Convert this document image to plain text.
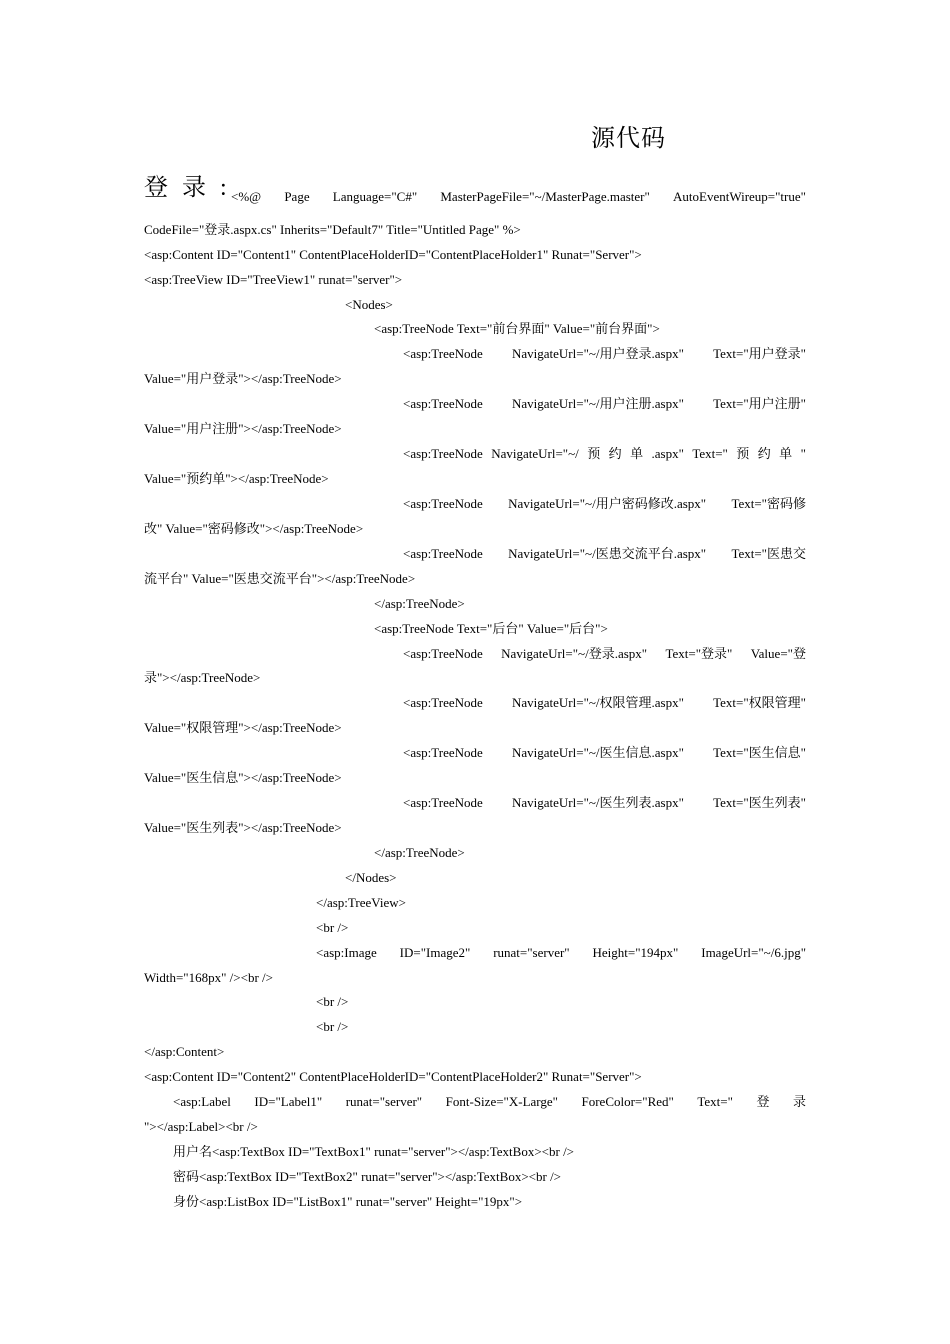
源代码
登 录 : <%@ Page Language="C#" MasterPageFile="~/MasterPage.master" AutoEventWireup="true"
CodeFile="登录.aspx.cs" Inherits="Default7" Title="Untitled Page" %>
<asp:Content ID="Content1" ContentPlaceHolderID="ContentPlaceHolder1" Runat="Server">
<asp:TreeView ID="TreeView1" runat="server">
<Nodes>
<asp:TreeNode Text="前台界面" Value="前台界面">
<asp:TreeNode NavigateUrl="~/用户登录.aspx" Text="用户登录"
Value="用户登录"></asp:TreeNode>
<asp:TreeNode NavigateUrl="~/用户注册.aspx" Text="用户注册"
Value="用户注册"></asp:TreeNode>
<asp:TreeNode NavigateUrl="~/ 预 约 单 .aspx" Text=" 预 约 单 "
Value="预约单"></asp:TreeNode>
<asp:TreeNode NavigateUrl="~/用户密码修改.aspx" Text="密码修
改" Value="密码修改"></asp:TreeNode>
<asp:TreeNode NavigateUrl="~/医患交流平台.aspx" Text="医患交
流平台" Value="医患交流平台"></asp:TreeNode>
</asp:TreeNode>
<asp:TreeNode Text="后台" Value="后台">
<asp:TreeNode NavigateUrl="~/登录.aspx" Text="登录" Value="登
录"></asp:TreeNode>
<asp:TreeNode NavigateUrl="~/权限管理.aspx" Text="权限管理"
Value="权限管理"></asp:TreeNode>
<asp:TreeNode NavigateUrl="~/医生信息.aspx" Text="医生信息"
Value="医生信息"></asp:TreeNode>
<asp:TreeNode NavigateUrl="~/医生列表.aspx" Text="医生列表"
Value="医生列表"></asp:TreeNode>
</asp:TreeNode>
</Nodes>
</asp:TreeView>
<br />
<asp:Image ID="Image2" runat="server" Height="194px" ImageUrl="~/6.jpg"
Width="168px" /><br />
<br />
<br />
</asp:Content>
<asp:Content ID="Content2" ContentPlaceHolderID="ContentPlaceHolder2" Runat="Server">
<asp:Label ID="Label1" runat="server" Font-Size="X-Large" ForeColor="Red" Text=" 登 录
"></asp:Label><br />
用户名<asp:TextBox ID="TextBox1" runat="server"></asp:TextBox><br />
密码<asp:TextBox ID="TextBox2" runat="server"></asp:TextBox><br />
身份<asp:ListBox ID="ListBox1" runat="server" Height="19px">
